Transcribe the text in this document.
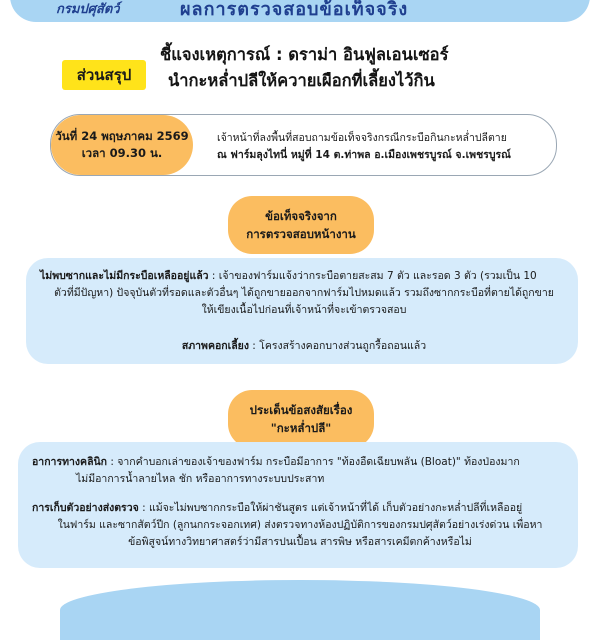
กรมปศุสัตว์	ผลการตรวจสอบข้อเท็จจริง
ส่วนสรุป
ชี้แจงเหตุการณ์ : ดราม่า อินฟูลเอนเซอร์
นำกะหล่ำปลีให้ควายเผือกที่เลี้ยงไว้กิน
วันที่ 24 พฤษภาคม 2569
เวลา 09.30 น.
เจ้าหน้าที่ลงพื้นที่สอบถามข้อเท็จจริงกรณีกระบือกินกะหล่ำปลีตาย
ณ ฟาร์มลุงไทนี่ หมู่ที่ 14 ต.ท่าพล อ.เมืองเพชรบูรณ์ จ.เพชรบูรณ์
ข้อเท็จจริงจาก
การตรวจสอบหน้างาน
ไม่พบซากและไม่มีกระบือเหลืออยู่แล้ว : เจ้าของฟาร์มแจ้งว่ากระบือตายสะสม 7 ตัว และรอด 3 ตัว (รวมเป็น 10
ตัวที่มีปัญหา) ปัจจุบันตัวที่รอดและตัวอื่นๆ ได้ถูกขายออกจากฟาร์มไปหมดแล้ว รวมถึงซากกระบือที่ตายได้ถูกขาย
ให้เขียงเนื้อไปก่อนที่เจ้าหน้าที่จะเข้าตรวจสอบ
สภาพคอกเลี้ยง : โครงสร้างคอกบางส่วนถูกรื้อถอนแล้ว
ประเด็นข้อสงสัยเรื่อง
"กะหล่ำปลี"
อาการทางคลินิก : จากคำบอกเล่าของเจ้าของฟาร์ม กระบือมีอาการ "ท้องอืดเฉียบพลัน (Bloat)" ท้องป่องมาก
ไม่มีอาการน้ำลายไหล ชัก หรืออาการทางระบบประสาท
การเก็บตัวอย่างส่งตรวจ : แม้จะไม่พบซากกระบือให้ผ่าชันสูตร แต่เจ้าหน้าที่ได้ เก็บตัวอย่างกะหล่ำปลีที่เหลืออยู่
ในฟาร์ม และซากสัตว์ปีก (ลูกนกกระจอกเทศ) ส่งตรวจทางห้องปฏิบัติการของกรมปศุสัตว์อย่างเร่งด่วน เพื่อหา
ข้อพิสูจน์ทางวิทยาศาสตร์ว่ามีสารปนเปื้อน สารพิษ หรือสารเคมีตกค้างหรือไม่
